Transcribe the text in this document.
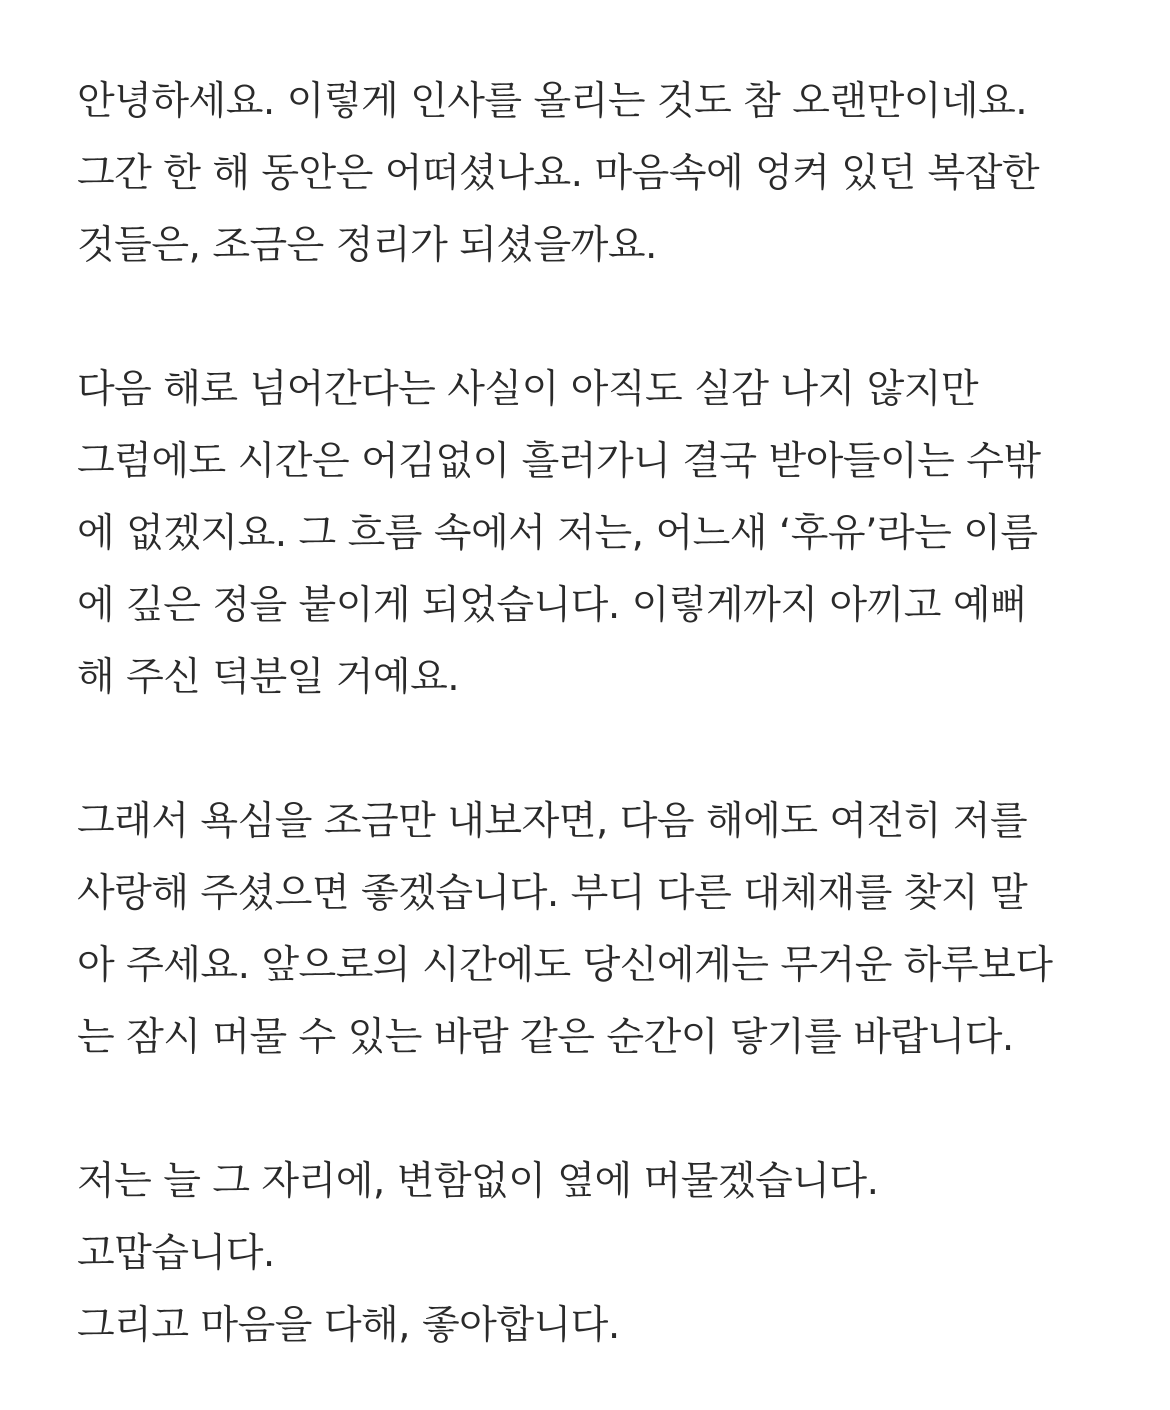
안녕하세요. 이렇게 인사를 올리는 것도 참 오랜만이네요.
그간 한 해 동안은 어떠셨나요. 마음속에 엉켜 있던 복잡한
것들은, 조금은 정리가 되셨을까요.
다음 해로 넘어간다는 사실이 아직도 실감 나지 않지만
그럼에도 시간은 어김없이 흘러가니 결국 받아들이는 수밖
에 없겠지요. 그 흐름 속에서 저는, 어느새 ‘후유’라는 이름
에 깊은 정을 붙이게 되었습니다. 이렇게까지 아끼고 예뻐
해 주신 덕분일 거예요.
그래서 욕심을 조금만 내보자면, 다음 해에도 여전히 저를
사랑해 주셨으면 좋겠습니다. 부디 다른 대체재를 찾지 말
아 주세요. 앞으로의 시간에도 당신에게는 무거운 하루보다
는 잠시 머물 수 있는 바람 같은 순간이 닿기를 바랍니다.
저는 늘 그 자리에, 변함없이 옆에 머물겠습니다.
고맙습니다.
그리고 마음을 다해, 좋아합니다.
